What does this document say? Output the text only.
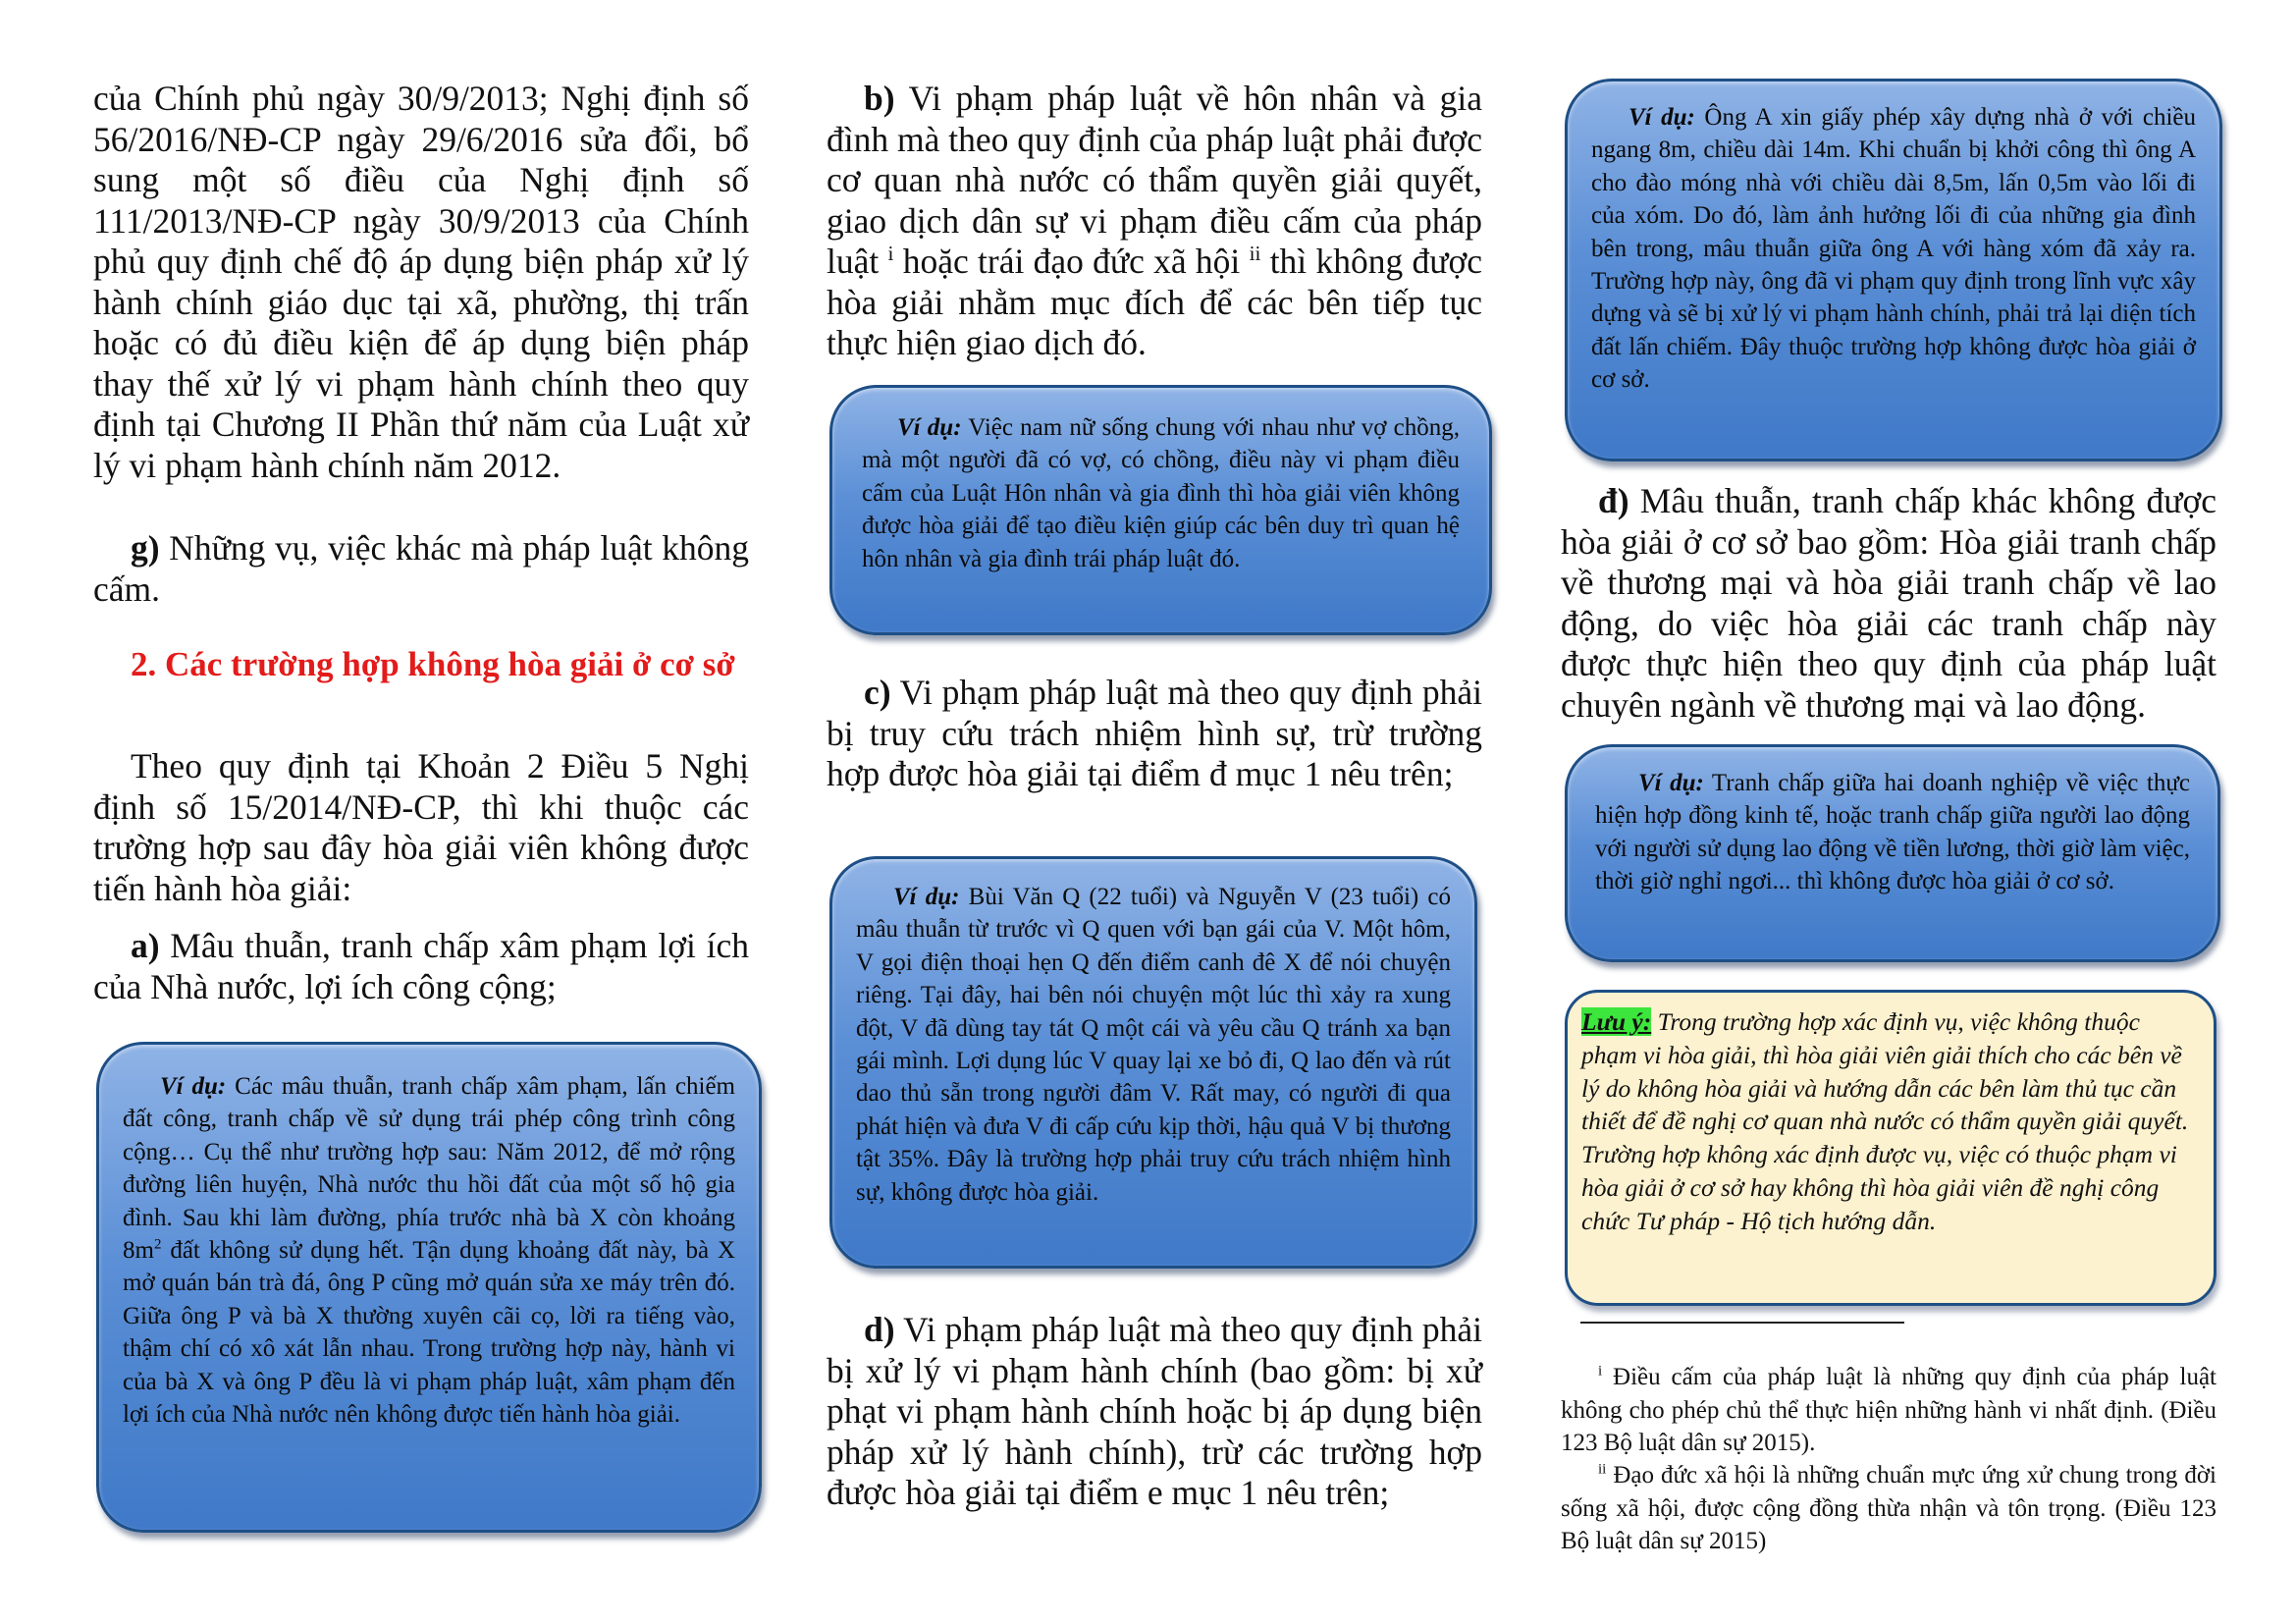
của Chính phủ ngày 30/9/2013; Nghị định số 56/2016/NĐ-CP ngày 29/6/2016 sửa đổi, bổ sung một số điều của Nghị định số 111/2013/NĐ-CP ngày 30/9/2013 của Chính phủ quy định chế độ áp dụng biện pháp xử lý hành chính giáo dục tại xã, phường, thị trấn hoặc có đủ điều kiện để áp dụng biện pháp thay thế xử lý vi phạm hành chính theo quy định tại Chương II Phần thứ năm của Luật xử lý vi phạm hành chính năm 2012.

g) Những vụ, việc khác mà pháp luật không cấm.

2. Các trường hợp không hòa giải ở cơ sở

Theo quy định tại Khoản 2 Điều 5 Nghị định số 15/2014/NĐ-CP, thì khi thuộc các trường hợp sau đây hòa giải viên không được tiến hành hòa giải:

a) Mâu thuẫn, tranh chấp xâm phạm lợi ích của Nhà nước, lợi ích công cộng;

Ví dụ: Các mâu thuẫn, tranh chấp xâm phạm, lấn chiếm đất công, tranh chấp về sử dụng trái phép công trình công cộng… Cụ thể như trường hợp sau: Năm 2012, để mở rộng đường liên huyện, Nhà nước thu hồi đất của một số hộ gia đình. Sau khi làm đường, phía trước nhà bà X còn khoảng $8m^2$ đất không sử dụng hết. Tận dụng khoảng đất này, bà X mở quán bán trà đá, ông P cũng mở quán sửa xe máy trên đó. Giữa ông P và bà X thường xuyên cãi cọ, lời ra tiếng vào, thậm chí có xô xát lẫn nhau. Trong trường hợp này, hành vi của bà X và ông P đều là vi phạm pháp luật, xâm phạm đến lợi ích của Nhà nước nên không được tiến hành hòa giải.

b) Vi phạm pháp luật về hôn nhân và gia đình mà theo quy định của pháp luật phải được cơ quan nhà nước có thẩm quyền giải quyết, giao dịch dân sự vi phạm điều cấm của pháp luật $^i$ hoặc trái đạo đức xã hội $^{ii}$ thì không được hòa giải nhằm mục đích để các bên tiếp tục thực hiện giao dịch đó.

c) Vi phạm pháp luật mà theo quy định phải bị truy cứu trách nhiệm hình sự, trừ trường hợp được hòa giải tại điểm đ mục 1 nêu trên;

d) Vi phạm pháp luật mà theo quy định phải bị xử lý vi phạm hành chính (bao gồm: bị xử phạt vi phạm hành chính hoặc bị áp dụng biện pháp xử lý hành chính), trừ các trường hợp được hòa giải tại điểm e mục 1 nêu trên;

Ví dụ: Việc nam nữ sống chung với nhau như vợ chồng, mà một người đã có vợ, có chồng, điều này vi phạm điều cấm của Luật Hôn nhân và gia đình thì hòa giải viên không được hòa giải để tạo điều kiện giúp các bên duy trì quan hệ hôn nhân và gia đình trái pháp luật đó.
Ví dụ: Bùi Văn Q (22 tuổi) và Nguyễn V (23 tuổi) có mâu thuẫn từ trước vì Q quen với bạn gái của V. Một hôm, V gọi điện thoại hẹn Q đến điểm canh đê X để nói chuyện riêng. Tại đây, hai bên nói chuyện một lúc thì xảy ra xung đột, V đã dùng tay tát Q một cái và yêu cầu Q tránh xa bạn gái mình. Lợi dụng lúc V quay lại xe bỏ đi, Q lao đến và rút dao thủ sẵn trong người đâm V. Rất may, có người đi qua phát hiện và đưa V đi cấp cứu kịp thời, hậu quả V bị thương tật 35%. Đây là trường hợp phải truy cứu trách nhiệm hình sự, không được hòa giải.
Ví dụ: Ông A xin giấy phép xây dựng nhà ở với chiều ngang 8m, chiều dài 14m. Khi chuẩn bị khởi công thì ông A cho đào móng nhà với chiều dài 8,5m, lấn 0,5m vào lối đi của xóm. Do đó, làm ảnh hưởng lối đi của những gia đình bên trong, mâu thuẫn giữa ông A với hàng xóm đã xảy ra. Trường hợp này, ông đã vi phạm quy định trong lĩnh vực xây dựng và sẽ bị xử lý vi phạm hành chính, phải trả lại diện tích đất lấn chiếm. Đây thuộc trường hợp không được hòa giải ở cơ sở.

đ) Mâu thuẫn, tranh chấp khác không được hòa giải ở cơ sở bao gồm: Hòa giải tranh chấp về thương mại và hòa giải tranh chấp về lao động, do việc hòa giải các tranh chấp này được thực hiện theo quy định của pháp luật chuyên ngành về thương mại và lao động.

Ví dụ: Tranh chấp giữa hai doanh nghiệp về việc thực hiện hợp đồng kinh tế, hoặc tranh chấp giữa người lao động với người sử dụng lao động về tiền lương, thời giờ làm việc, thời giờ nghỉ ngơi... thì không được hòa giải ở cơ sở.
Lưu ý: Trong trường hợp xác định vụ, việc không thuộc phạm vi hòa giải, thì hòa giải viên giải thích cho các bên về lý do không hòa giải và hướng dẫn các bên làm thủ tục cần thiết để đề nghị cơ quan nhà nước có thẩm quyền giải quyết. Trường hợp không xác định được vụ, việc có thuộc phạm vi hòa giải ở cơ sở hay không thì hòa giải viên đề nghị công chức Tư pháp - Hộ tịch hướng dẫn.

$^i$ Điều cấm của pháp luật là những quy định của pháp luật không cho phép chủ thể thực hiện những hành vi nhất định. (Điều 123 Bộ luật dân sự 2015).

$^{ii}$ Đạo đức xã hội là những chuẩn mực ứng xử chung trong đời sống xã hội, được cộng đồng thừa nhận và tôn trọng. (Điều 123 Bộ luật dân sự 2015)
